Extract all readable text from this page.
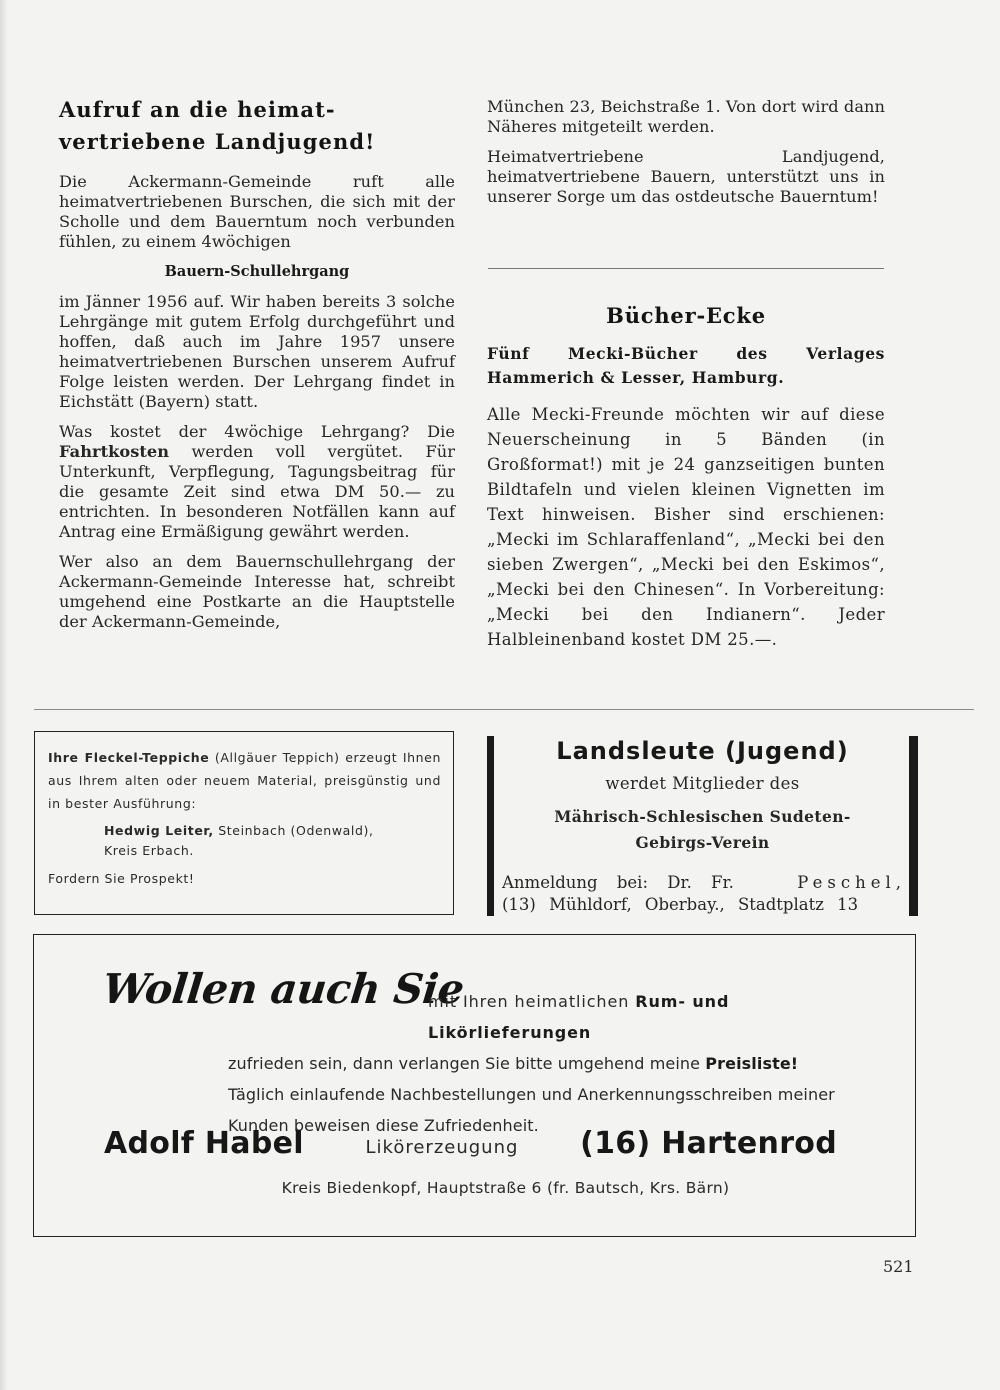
Aufruf an die heimat-
vertriebene Landjugend!

Die Ackermann-Gemeinde ruft alle heimatvertriebenen Burschen, die sich mit der Scholle und dem Bauerntum noch verbunden fühlen, zu einem 4wöchigen

Bauern-Schullehrgang

im Jänner 1956 auf. Wir haben bereits 3 solche Lehrgänge mit gutem Erfolg durchgeführt und hoffen, daß auch im Jahre 1957 unsere heimatvertriebenen Burschen unserem Aufruf Folge leisten werden. Der Lehrgang findet in Eichstätt (Bayern) statt.

Was kostet der 4wöchige Lehrgang? Die Fahrtkosten werden voll vergütet. Für Unterkunft, Verpflegung, Tagungsbeitrag für die gesamte Zeit sind etwa DM 50.— zu entrichten. In besonderen Notfällen kann auf Antrag eine Ermäßigung gewährt werden.

Wer also an dem Bauernschullehrgang der Ackermann-Gemeinde Interesse hat, schreibt umgehend eine Postkarte an die Hauptstelle der Ackermann-Gemeinde,

München 23, Beichstraße 1. Von dort wird dann Näheres mitgeteilt werden.

Heimatvertriebene Landjugend, heimatvertriebene Bauern, unterstützt uns in unserer Sorge um das ostdeutsche Bauerntum!

Bücher-Ecke
Fünf Mecki-Bücher des Verlages Hammerich & Lesser, Hamburg.

Alle Mecki-Freunde möchten wir auf diese Neuerscheinung in 5 Bänden (in Großformat!) mit je 24 ganzseitigen bunten Bildtafeln und vielen kleinen Vignetten im Text hinweisen. Bisher sind erschienen: „Mecki im Schlaraffenland“, „Mecki bei den sieben Zwergen“, „Mecki bei den Eskimos“, „Mecki bei den Chinesen“. In Vorbereitung: „Mecki bei den Indianern“. Jeder Halbleinenband kostet DM 25.—.

Ihre Fleckel-Teppiche (Allgäuer Teppich) erzeugt Ihnen aus Ihrem alten oder neuem Material, preisgünstig und in bester Ausführung:

Hedwig Leiter, Steinbach (Odenwald),
Kreis Erbach.

Fordern Sie Prospekt!

Landsleute (Jugend)
werdet Mitglieder des
Mährisch-Schlesischen Sudeten-
Gebirgs-Verein
Anmeldung bei: Dr. Fr.	Peschel,
(13) Mühldorf, Oberbay., Stadtplatz 13
Wollen auch Sie
mit Ihren heimatlichen Rum- und Likörlieferungen
zufrieden sein, dann verlangen Sie bitte umgehend meine Preisliste! Täglich einlaufende Nachbestellungen und Anerkennungsschreiben meiner Kunden beweisen diese Zufriedenheit.
Adolf Habel	Likörerzeugung (16) Hartenrod
Kreis Biedenkopf, Hauptstraße 6 (fr. Bautsch, Krs. Bärn)
521
